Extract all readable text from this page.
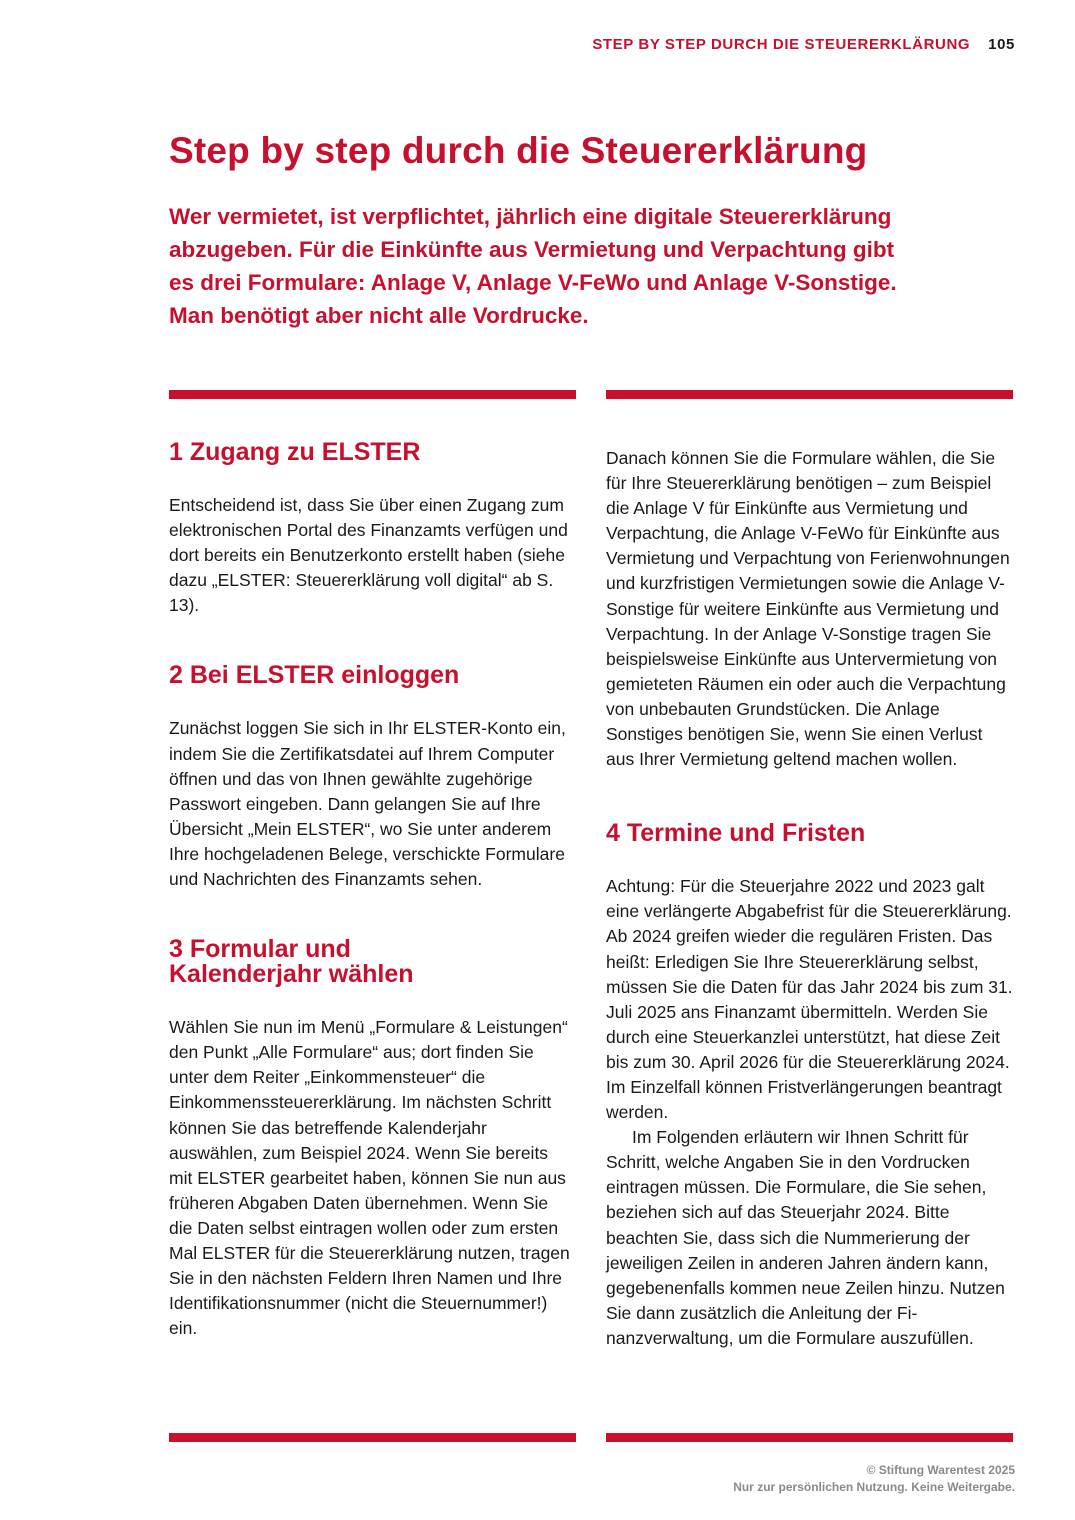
STEP BY STEP DURCH DIE STEUERERKLÄRUNG 105
Step by step durch die Steuererklärung

Wer vermietet, ist verpflichtet, jährlich eine digitale Steuererklärung abzugeben. Für die Einkünfte aus Vermietung und Verpachtung gibt es drei Formulare: Anlage V, Anlage V-FeWo und Anlage V-Sonstige. Man benötigt aber nicht alle Vordrucke.

1 Zugang zu ELSTER

Entscheidend ist, dass Sie über einen Zugang zum elektronischen Portal des Finanzamts verfügen und dort bereits ein Benutzerkonto erstellt haben (siehe dazu „ELSTER: Steuererklärung voll digital“ ab S. 13).

2 Bei ELSTER einloggen

Zunächst loggen Sie sich in Ihr ELSTER-Konto ein, indem Sie die Zertifikatsdatei auf Ihrem Computer öffnen und das von Ihnen gewählte zugehörige Passwort eingeben. Dann gelangen Sie auf Ihre Übersicht „Mein ELSTER“, wo Sie unter anderem Ihre hochgeladenen Belege, verschickte Formulare und Nachrichten des Finanzamts sehen.

3 Formular und
Kalenderjahr wählen

Wählen Sie nun im Menü „Formulare & Leistungen“ den Punkt „Alle Formulare“ aus; dort finden Sie unter dem Reiter „Einkommensteuer“ die Einkommenssteuererklärung. Im nächsten Schritt können Sie das betreffende Kalenderjahr auswählen, zum Beispiel 2024. Wenn Sie bereits mit ELSTER gearbeitet haben, können Sie nun aus früheren Abgaben Daten übernehmen. Wenn Sie die Daten selbst eintragen wollen oder zum ersten Mal ELSTER für die Steuererklärung nutzen, tragen Sie in den nächsten Feldern Ihren Namen und Ihre Identifikationsnummer (nicht die Steuernummer!) ein.

Danach können Sie die Formulare wählen, die Sie für Ihre Steuererklärung benötigen – zum Beispiel die Anlage V für Einkünfte aus Vermietung und Verpachtung, die Anlage V-FeWo für Einkünfte aus Vermietung und Verpachtung von Ferienwohnungen und kurzfristigen Vermietungen sowie die Anlage V-Sonstige für weitere Einkünfte aus Vermietung und Verpachtung. In der Anlage V-Sonstige tragen Sie beispielsweise Einkünfte aus Untervermietung von gemieteten Räumen ein oder auch die Verpachtung von unbebauten Grundstücken. Die Anlage Sonstiges benötigen Sie, wenn Sie einen Verlust aus Ihrer Vermietung geltend machen wollen.

4 Termine und Fristen

Achtung: Für die Steuerjahre 2022 und 2023 galt eine verlängerte Abgabefrist für die Steuererklärung. Ab 2024 greifen wieder die regulären Fristen. Das heißt: Erledigen Sie Ihre Steuererklärung selbst, müssen Sie die Daten für das Jahr 2024 bis zum 31. Juli 2025 ans Finanzamt übermitteln. Werden Sie durch eine Steuerkanzlei unterstützt, hat diese Zeit bis zum 30. April 2026 für die Steuererklärung 2024. Im Einzelfall können Fristverlängerungen beantragt werden.

Im Folgenden erläutern wir Ihnen Schritt für Schritt, welche Angaben Sie in den Vordrucken eintragen müssen. Die Formulare, die Sie sehen, beziehen sich auf das Steuerjahr 2024. Bitte beachten Sie, dass sich die Nummerierung der jeweiligen Zeilen in anderen Jahren ändern kann, gegebenenfalls kommen neue Zeilen hinzu. Nutzen Sie dann zusätzlich die Anleitung der Finanzverwaltung, um die Formulare auszufüllen.

© Stiftung Warentest 2025
Nur zur persönlichen Nutzung. Keine Weitergabe.
